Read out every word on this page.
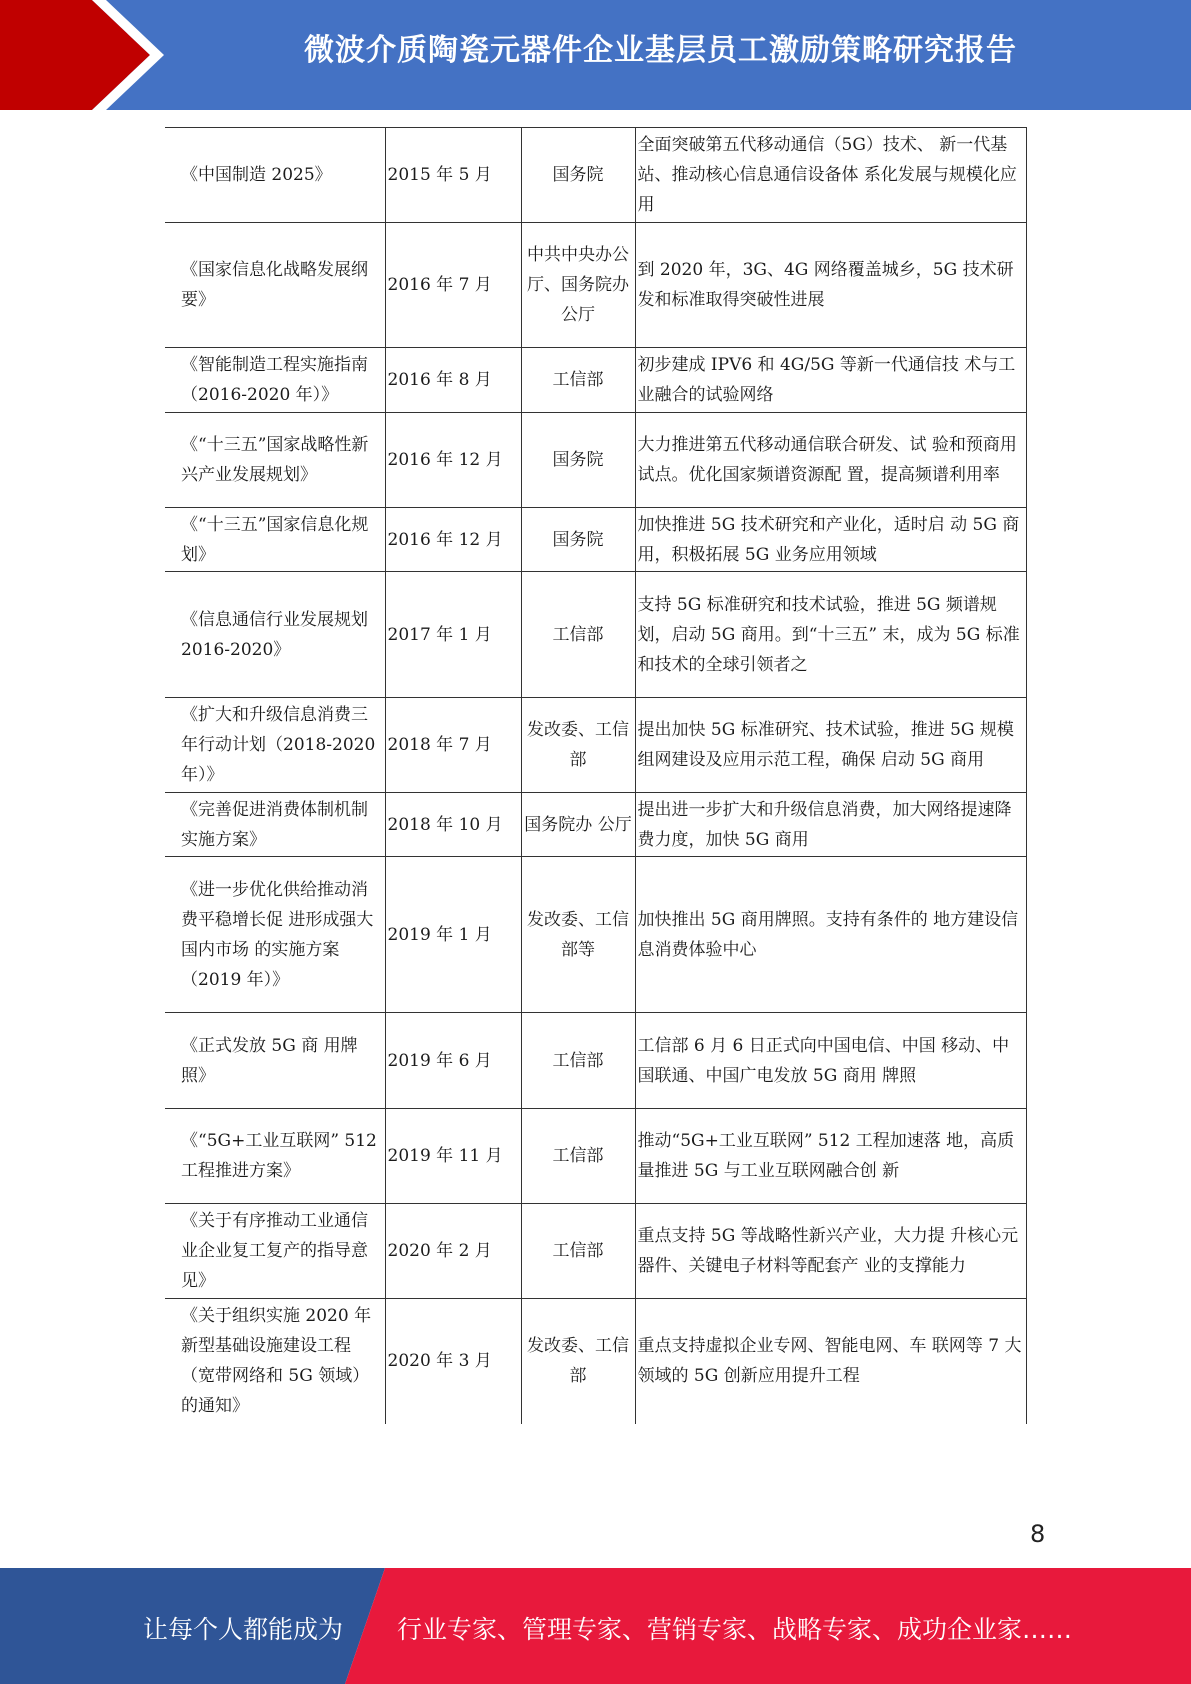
微波介质陶瓷元器件企业基层员工激励策略研究报告
《中国制造 2025》	2015 年 5 月	国务院	全面突破第五代移动通信（5G）技术、 新一代基站、推动核心信息通信设备体 系化发展与规模化应用
《国家信息化战略发展纲要》	2016 年 7 月	中共中央办公厅、国务院办 公厅	到 2020 年，3G、4G 网络覆盖城乡，5G 技术研发和标准取得突破性进展
《智能制造工程实施指南（2016-2020 年）》	2016 年 8 月	工信部	初步建成 IPV6 和 4G/5G 等新一代通信技 术与工业融合的试验网络
《“十三五”国家战略性新兴产业发展规划》	2016 年 12 月	国务院	大力推进第五代移动通信联合研发、试 验和预商用试点。优化国家频谱资源配 置，提高频谱利用率
《“十三五”国家信息化规划》	2016 年 12 月	国务院	加快推进 5G 技术研究和产业化，适时启 动 5G 商用，积极拓展 5G 业务应用领域
《信息通信行业发展规划 2016-2020》	2017 年 1 月	工信部	支持 5G 标准研究和技术试验，推进 5G 频谱规划，启动 5G 商用。到“十三五” 末，成为 5G 标准和技术的全球引领者之
《扩大和升级信息消费三年行动计划（2018-2020 年）》	2018 年 7 月	发改委、工信部	提出加快 5G 标准研究、技术试验，推进 5G 规模组网建设及应用示范工程，确保 启动 5G 商用
《完善促进消费体制机制实施方案》	2018 年 10 月	国务院办 公厅	提出进一步扩大和升级信息消费，加大网络提速降费力度，加快 5G 商用
《进一步优化供给推动消费平稳增长促 进形成强大国内市场 的实施方案（2019 年）》	2019 年 1 月	发改委、工信部等	加快推出 5G 商用牌照。支持有条件的 地方建设信息消费体验中心
《正式发放 5G 商 用牌照》	2019 年 6 月	工信部	工信部 6 月 6 日正式向中国电信、中国 移动、中国联通、中国广电发放 5G 商用 牌照
《“5G+工业互联网” 512 工程推进方案》	2019 年 11 月	工信部	推动“5G+工业互联网” 512 工程加速落 地，高质量推进 5G 与工业互联网融合创 新
《关于有序推动工业通信业企业复工复产的指导意见》	2020 年 2 月	工信部	重点支持 5G 等战略性新兴产业，大力提 升核心元器件、关键电子材料等配套产 业的支撑能力
《关于组织实施 2020 年新型基础设施建设工程（宽带网络和 5G 领域）的通知》	2020 年 3 月	发改委、工信部	重点支持虚拟企业专网、智能电网、车 联网等 7 大领域的 5G 创新应用提升工程
8
让每个人都能成为 行业专家、管理专家、营销专家、战略专家、成功企业家……
